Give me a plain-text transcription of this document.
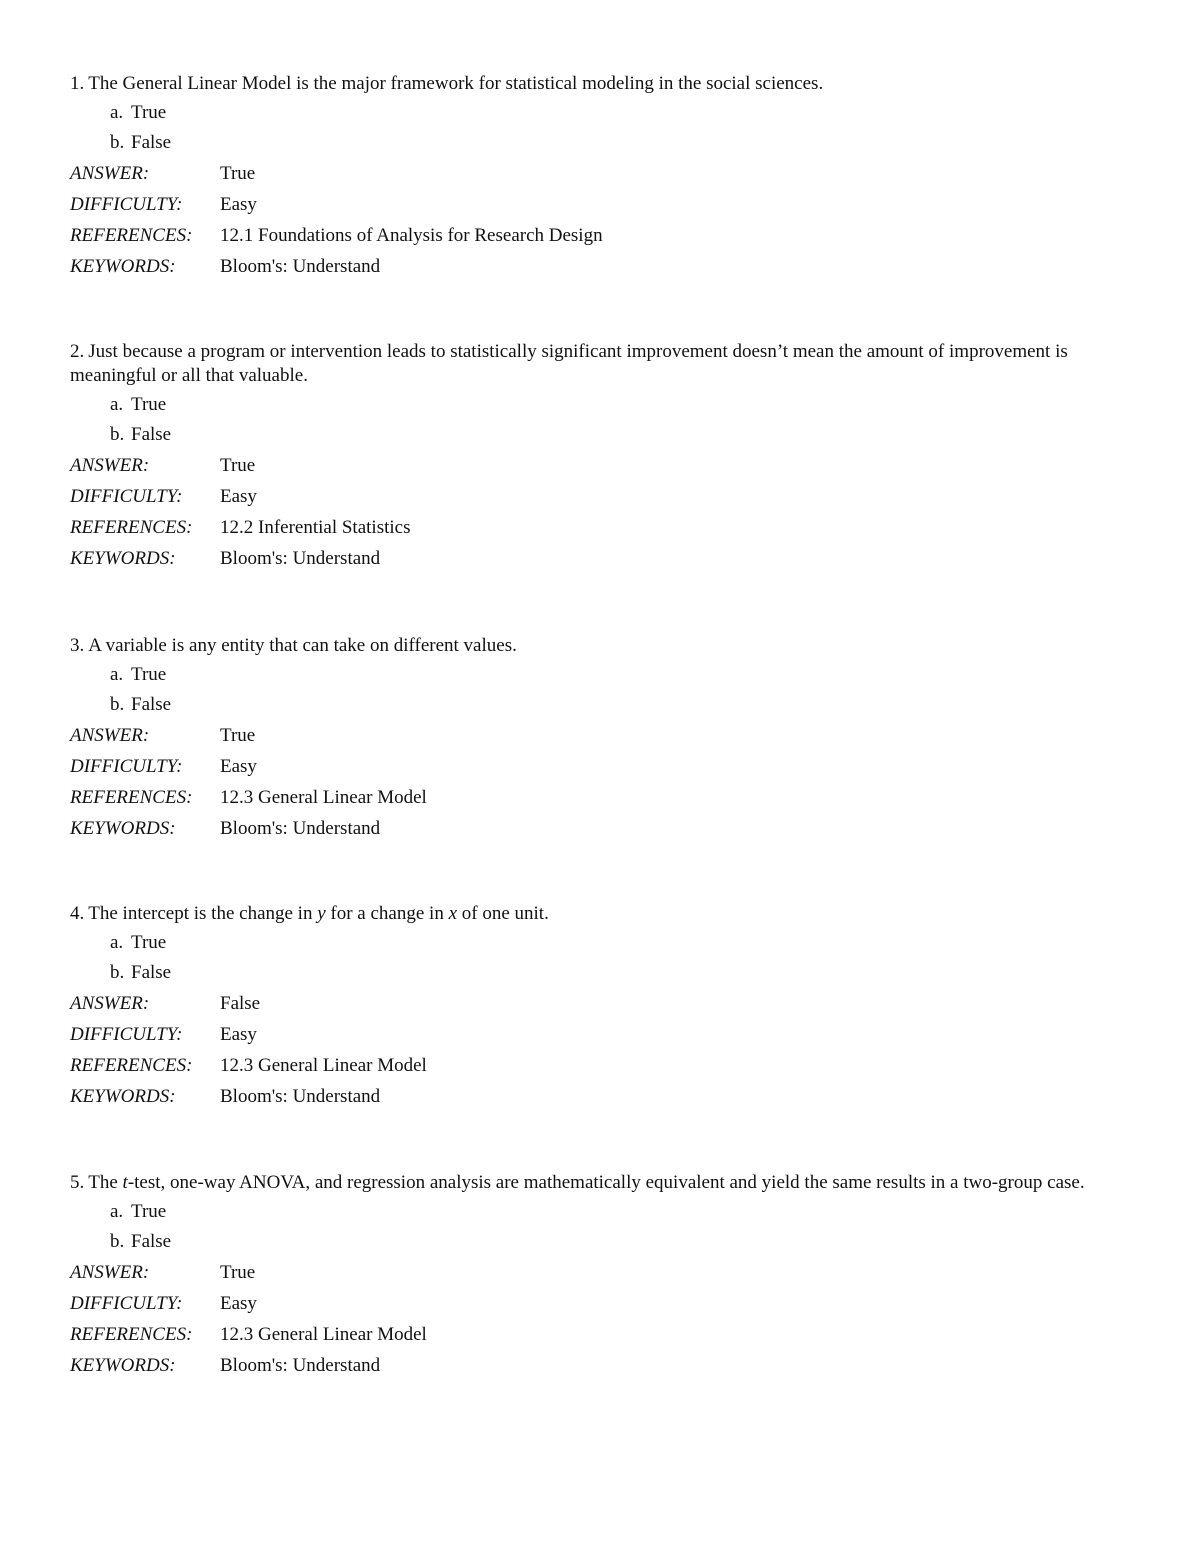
1. The General Linear Model is the major framework for statistical modeling in the social sciences.

a. True
b. False
ANSWER:	True
DIFFICULTY: Easy
REFERENCES: 12.1 Foundations of Analysis for Research Design
KEYWORDS: Bloom's: Understand

2. Just because a program or intervention leads to statistically significant improvement doesn’t mean the amount of improvement is meaningful or all that valuable.

a. True
b. False
ANSWER:	True
DIFFICULTY: Easy
REFERENCES: 12.2 Inferential Statistics
KEYWORDS: Bloom's: Understand

3. A variable is any entity that can take on different values.

a. True
b. False
ANSWER:	True
DIFFICULTY: Easy
REFERENCES: 12.3 General Linear Model
KEYWORDS: Bloom's: Understand

4. The intercept is the change in y for a change in x of one unit.

a. True
b. False
ANSWER:	False
DIFFICULTY: Easy
REFERENCES: 12.3 General Linear Model
KEYWORDS: Bloom's: Understand

5. The t-test, one-way ANOVA, and regression analysis are mathematically equivalent and yield the same results in a two-group case.

a. True
b. False
ANSWER:	True
DIFFICULTY: Easy
REFERENCES: 12.3 General Linear Model
KEYWORDS: Bloom's: Understand
